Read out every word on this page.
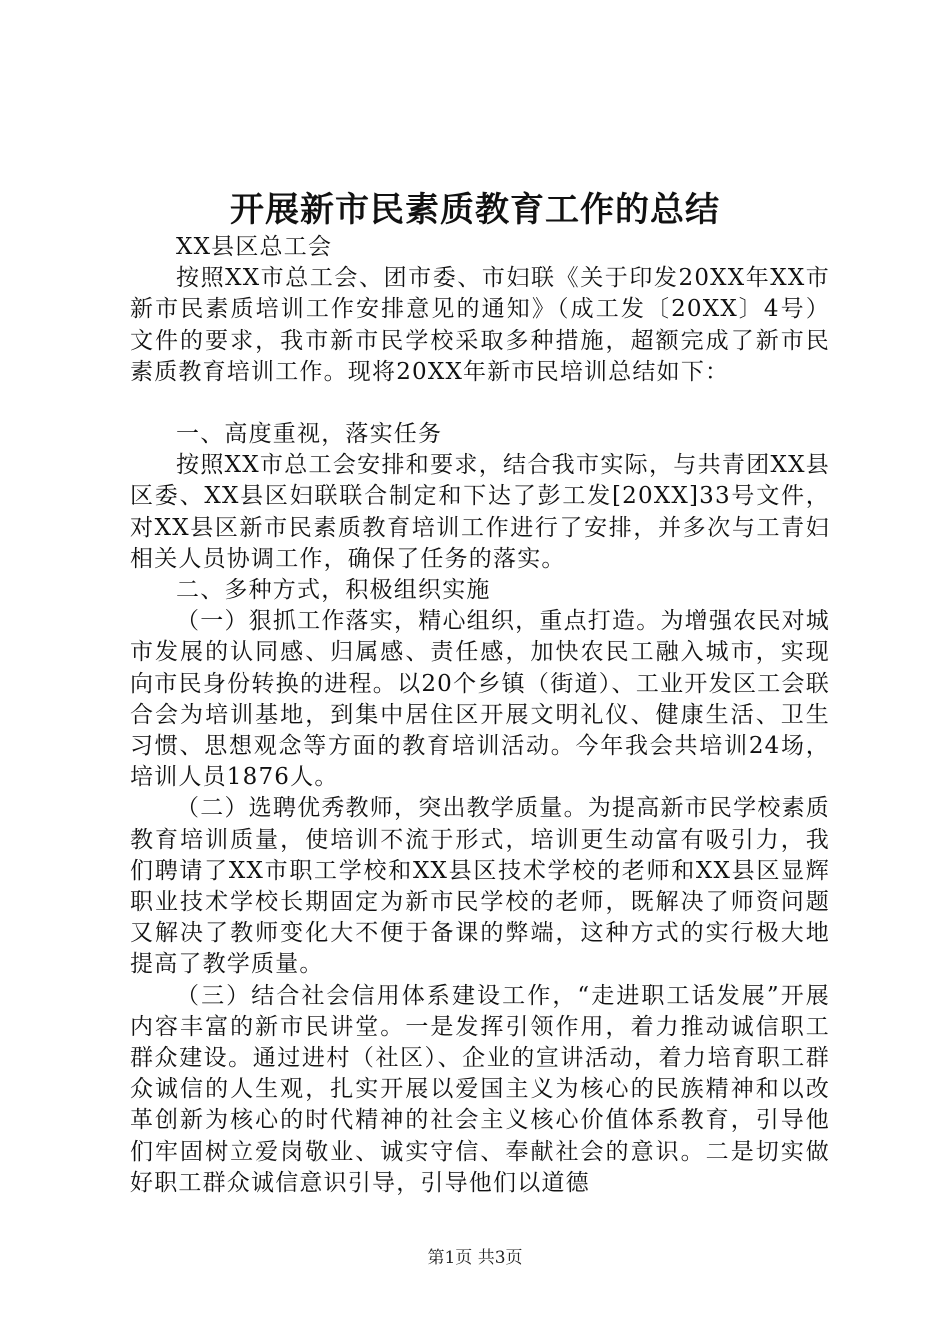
开展新市民素质教育工作的总结

XX县区总工会

按照XX市总工会、团市委、市妇联《关于印发20XX年XX市新市民素质培训工作安排意见的通知》（成工发〔20XX〕4号）文件的要求，我市新市民学校采取多种措施，超额完成了新市民素质教育培训工作。现将20XX年新市民培训总结如下：

一、高度重视，落实任务

按照XX市总工会安排和要求，结合我市实际，与共青团XX县区委、XX县区妇联联合制定和下达了彭工发[20XX]33号文件，对XX县区新市民素质教育培训工作进行了安排，并多次与工青妇相关人员协调工作，确保了任务的落实。

二、多种方式，积极组织实施

（一）狠抓工作落实，精心组织，重点打造。为增强农民对城市发展的认同感、归属感、责任感，加快农民工融入城市，实现向市民身份转换的进程。以20个乡镇（街道）、工业开发区工会联合会为培训基地，到集中居住区开展文明礼仪、健康生活、卫生习惯、思想观念等方面的教育培训活动。今年我会共培训24场，培训人员1876人。

（二）选聘优秀教师，突出教学质量。为提高新市民学校素质教育培训质量，使培训不流于形式，培训更生动富有吸引力，我们聘请了XX市职工学校和XX县区技术学校的老师和XX县区显辉职业技术学校长期固定为新市民学校的老师，既解决了师资问题又解决了教师变化大不便于备课的弊端，这种方式的实行极大地提高了教学质量。

（三）结合社会信用体系建设工作，“走进职工话发展”开展内容丰富的新市民讲堂。一是发挥引领作用，着力推动诚信职工群众建设。通过进村（社区）、企业的宣讲活动，着力培育职工群众诚信的人生观，扎实开展以爱国主义为核心的民族精神和以改革创新为核心的时代精神的社会主义核心价值体系教育，引导他们牢固树立爱岗敬业、诚实守信、奉献社会的意识。二是切实做好职工群众诚信意识引导，引导他们以道德

第1页 共3页
